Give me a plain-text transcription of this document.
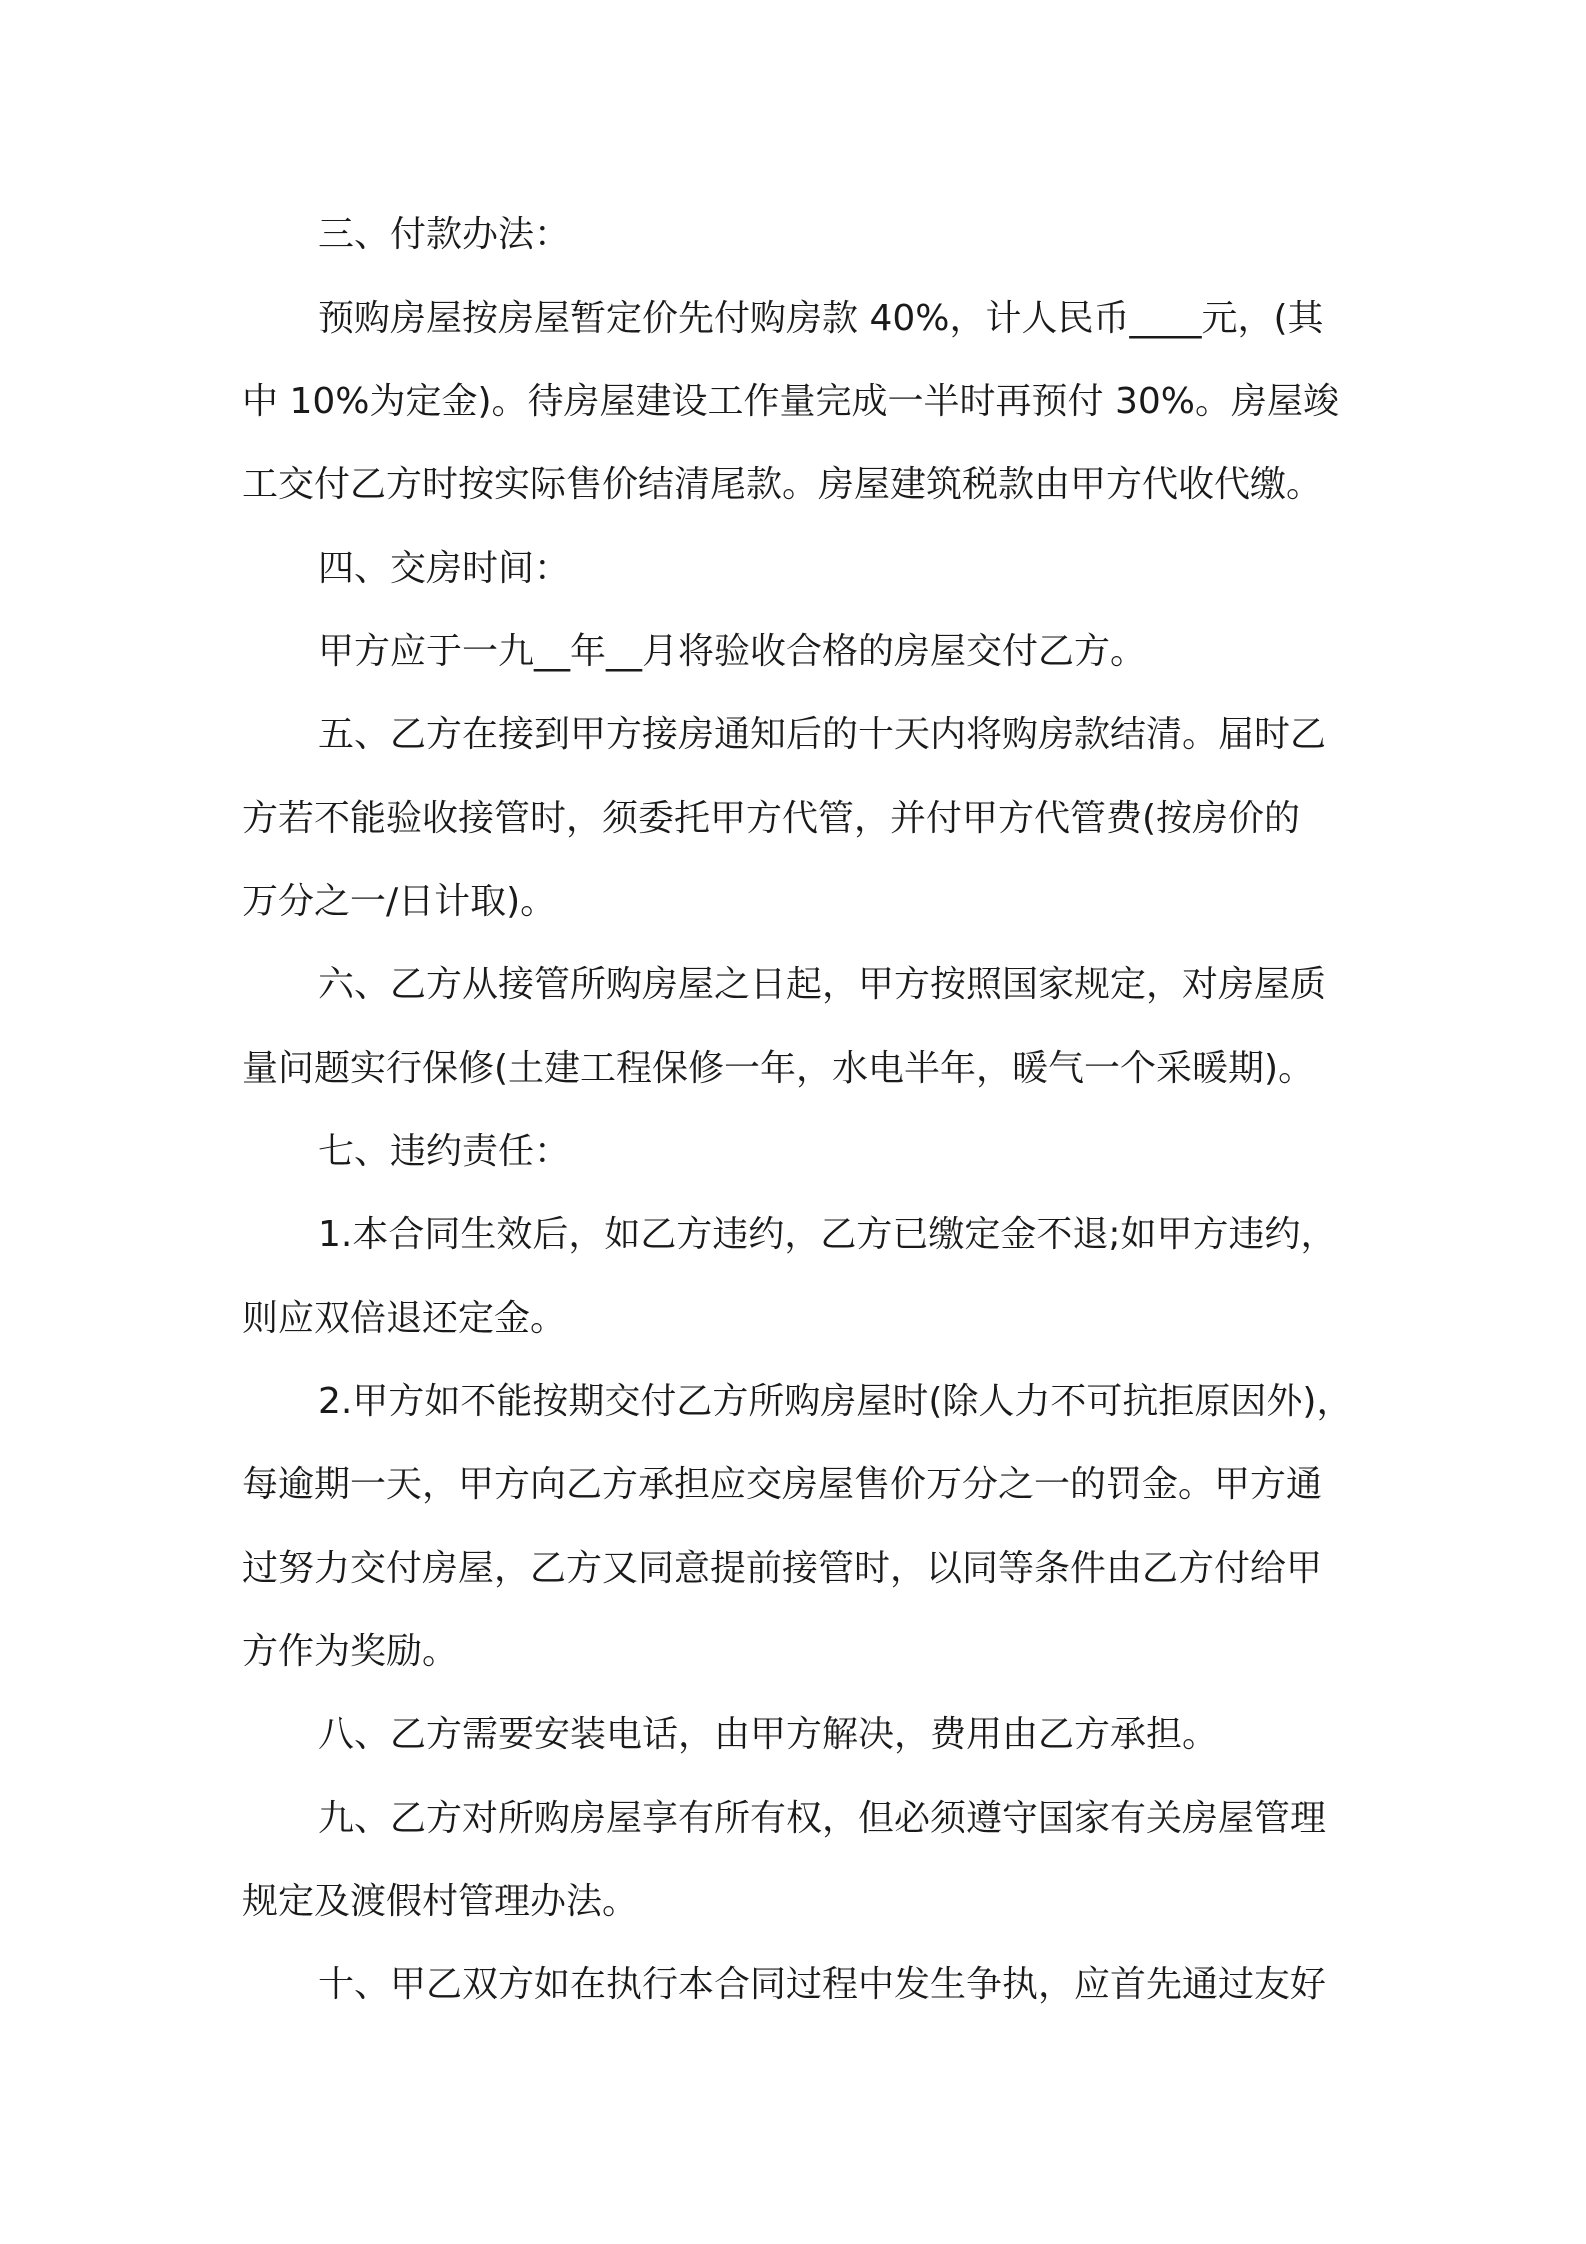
三、付款办法：
预购房屋按房屋暂定价先付购房款 40%，计人民币____元，(其
中 10%为定金)。待房屋建设工作量完成一半时再预付 30%。房屋竣
工交付乙方时按实际售价结清尾款。房屋建筑税款由甲方代收代缴。
四、交房时间：
甲方应于一九__年__月将验收合格的房屋交付乙方。
五、乙方在接到甲方接房通知后的十天内将购房款结清。届时乙
方若不能验收接管时，须委托甲方代管，并付甲方代管费(按房价的
万分之一/日计取)。
六、乙方从接管所购房屋之日起，甲方按照国家规定，对房屋质
量问题实行保修(土建工程保修一年，水电半年，暖气一个采暖期)。
七、违约责任：
1.本合同生效后，如乙方违约，乙方已缴定金不退;如甲方违约，
则应双倍退还定金。
2.甲方如不能按期交付乙方所购房屋时(除人力不可抗拒原因外)，
每逾期一天，甲方向乙方承担应交房屋售价万分之一的罚金。甲方通
过努力交付房屋，乙方又同意提前接管时，以同等条件由乙方付给甲
方作为奖励。
八、乙方需要安装电话，由甲方解决，费用由乙方承担。
九、乙方对所购房屋享有所有权，但必须遵守国家有关房屋管理
规定及渡假村管理办法。
十、甲乙双方如在执行本合同过程中发生争执，应首先通过友好
